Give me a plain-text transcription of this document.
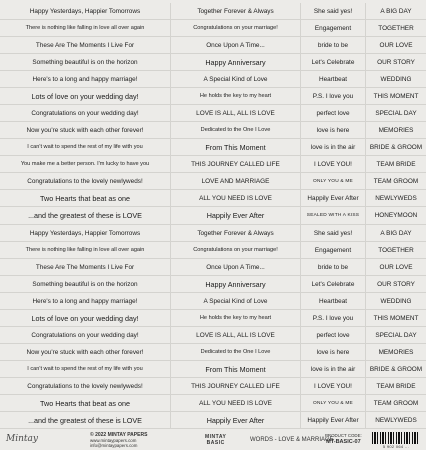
Happy Yesterdays, Happier Tomorrows	Together Forever & Always	She said yes!	A BIG DAY
There is nothing like falling in love all over again	Congratulations on your marriage!	Engagement	TOGETHER
These Are The Moments I Live For	Once Upon A Time...	bride to be	OUR LOVE
Something beautiful is on the horizon	Happy Anniversary	Let's Celebrate	OUR STORY
Here's to a long and happy marriage!	A Special Kind of Love	Heartbeat	WEDDING
Lots of love on your wedding day!	He holds the key to my heart	P.S. I love you	THIS MOMENT
Congratulations on your wedding day!	LOVE IS ALL, ALL IS LOVE	perfect love	SPECIAL DAY
Now you're stuck with each other forever!	Dedicated to the One I Love	love is here	MEMORIES
I can't wait to spend the rest of my life with you	From This Moment	love is in the air	BRIDE & GROOM
You make me a better person. I'm lucky to have you	THIS JOURNEY CALLED LIFE	I LOVE YOU!	TEAM BRIDE
Congratulations to the lovely newlyweds!	LOVE AND MARRIAGE	ONLY YOU & ME	TEAM GROOM
Two Hearts that beat as one	ALL YOU NEED IS LOVE	Happily Ever After	NEWLYWEDS
...and the greatest of these is LOVE	Happily Ever After	SEALED WITH A KISS	HONEYMOON
Happy Yesterdays, Happier Tomorrows	Together Forever & Always	She said yes!	A BIG DAY
There is nothing like falling in love all over again	Congratulations on your marriage!	Engagement	TOGETHER
These Are The Moments I Live For	Once Upon A Time...	bride to be	OUR LOVE
Something beautiful is on the horizon	Happy Anniversary	Let's Celebrate	OUR STORY
Here's to a long and happy marriage!	A Special Kind of Love	Heartbeat	WEDDING
Lots of love on your wedding day!	He holds the key to my heart	P.S. I love you	THIS MOMENT
Congratulations on your wedding day!	LOVE IS ALL, ALL IS LOVE	perfect love	SPECIAL DAY
Now you're stuck with each other forever!	Dedicated to the One I Love	love is here	MEMORIES
I can't wait to spend the rest of my life with you	From This Moment	love is in the air	BRIDE & GROOM
Congratulations to the lovely newlyweds!	THIS JOURNEY CALLED LIFE	I LOVE YOU!	TEAM BRIDE
Two Hearts that beat as one	ALL YOU NEED IS LOVE	ONLY YOU & ME	TEAM GROOM
...and the greatest of these is LOVE	Happily Ever After	Happily Ever After	NEWLYWEDS
Mintay	© 2022 MINTAY PAPERS
www.mintaypapers.com
info@mintaypapers.com
MINTAY
BASIC	WORDS - LOVE & MARRIAGE
PRODUCT CODE:
MT-BASIC-07
5 902 064 ...
